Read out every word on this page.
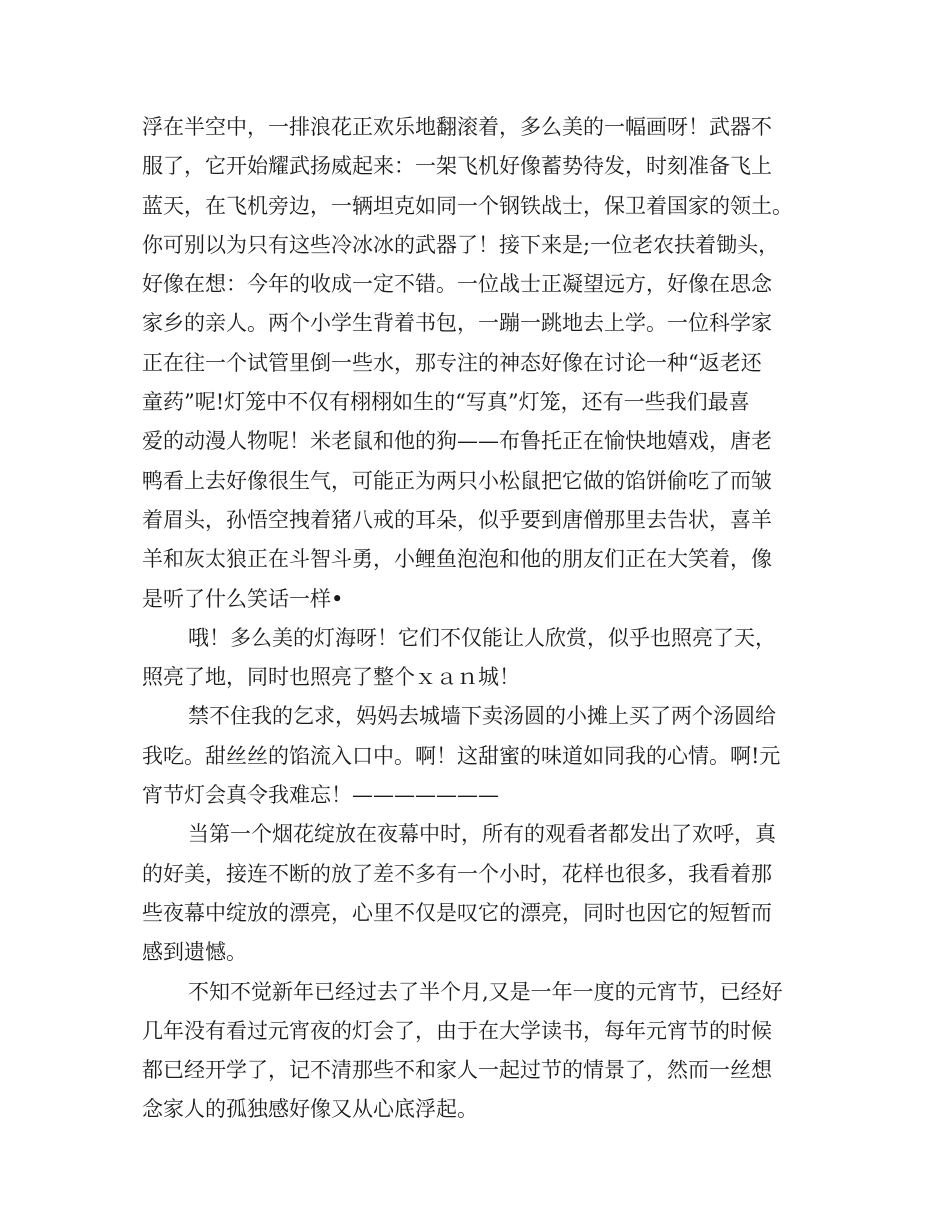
浮在半空中，一排浪花正欢乐地翻滚着，多么美的一幅画呀！武器不
服了，它开始耀武扬威起来：一架飞机好像蓄势待发，时刻准备飞上
蓝天，在飞机旁边，一辆坦克如同一个钢铁战士，保卫着国家的领土。
你可别以为只有这些冷冰冰的武器了！接下来是;一位老农扶着锄头，
好像在想：今年的收成一定不错。一位战士正凝望远方，好像在思念
家乡的亲人。两个小学生背着书包，一蹦一跳地去上学。一位科学家
正在往一个试管里倒一些水，那专注的神态好像在讨论一种“返老还
童药”呢!灯笼中不仅有栩栩如生的“写真”灯笼，还有一些我们最喜
爱的动漫人物呢！米老鼠和他的狗——布鲁托正在愉快地嬉戏，唐老
鸭看上去好像很生气，可能正为两只小松鼠把它做的馅饼偷吃了而皱
着眉头，孙悟空拽着猪八戒的耳朵，似乎要到唐僧那里去告状，喜羊
羊和灰太狼正在斗智斗勇，小鲤鱼泡泡和他的朋友们正在大笑着，像
是听了什么笑话一样•
哦！多么美的灯海呀！它们不仅能让人欣赏，似乎也照亮了天，
照亮了地，同时也照亮了整个ｘａｎ城！
禁不住我的乞求，妈妈去城墙下卖汤圆的小摊上买了两个汤圆给
我吃。甜丝丝的馅流入口中。啊！这甜蜜的味道如同我的心情。啊!元
宵节灯会真令我难忘！———————
当第一个烟花绽放在夜幕中时，所有的观看者都发出了欢呼，真
的好美，接连不断的放了差不多有一个小时，花样也很多，我看着那
些夜幕中绽放的漂亮，心里不仅是叹它的漂亮，同时也因它的短暂而
感到遗憾。
不知不觉新年已经过去了半个月,又是一年一度的元宵节，已经好
几年没有看过元宵夜的灯会了，由于在大学读书，每年元宵节的时候
都已经开学了，记不清那些不和家人一起过节的情景了，然而一丝想
念家人的孤独感好像又从心底浮起。
